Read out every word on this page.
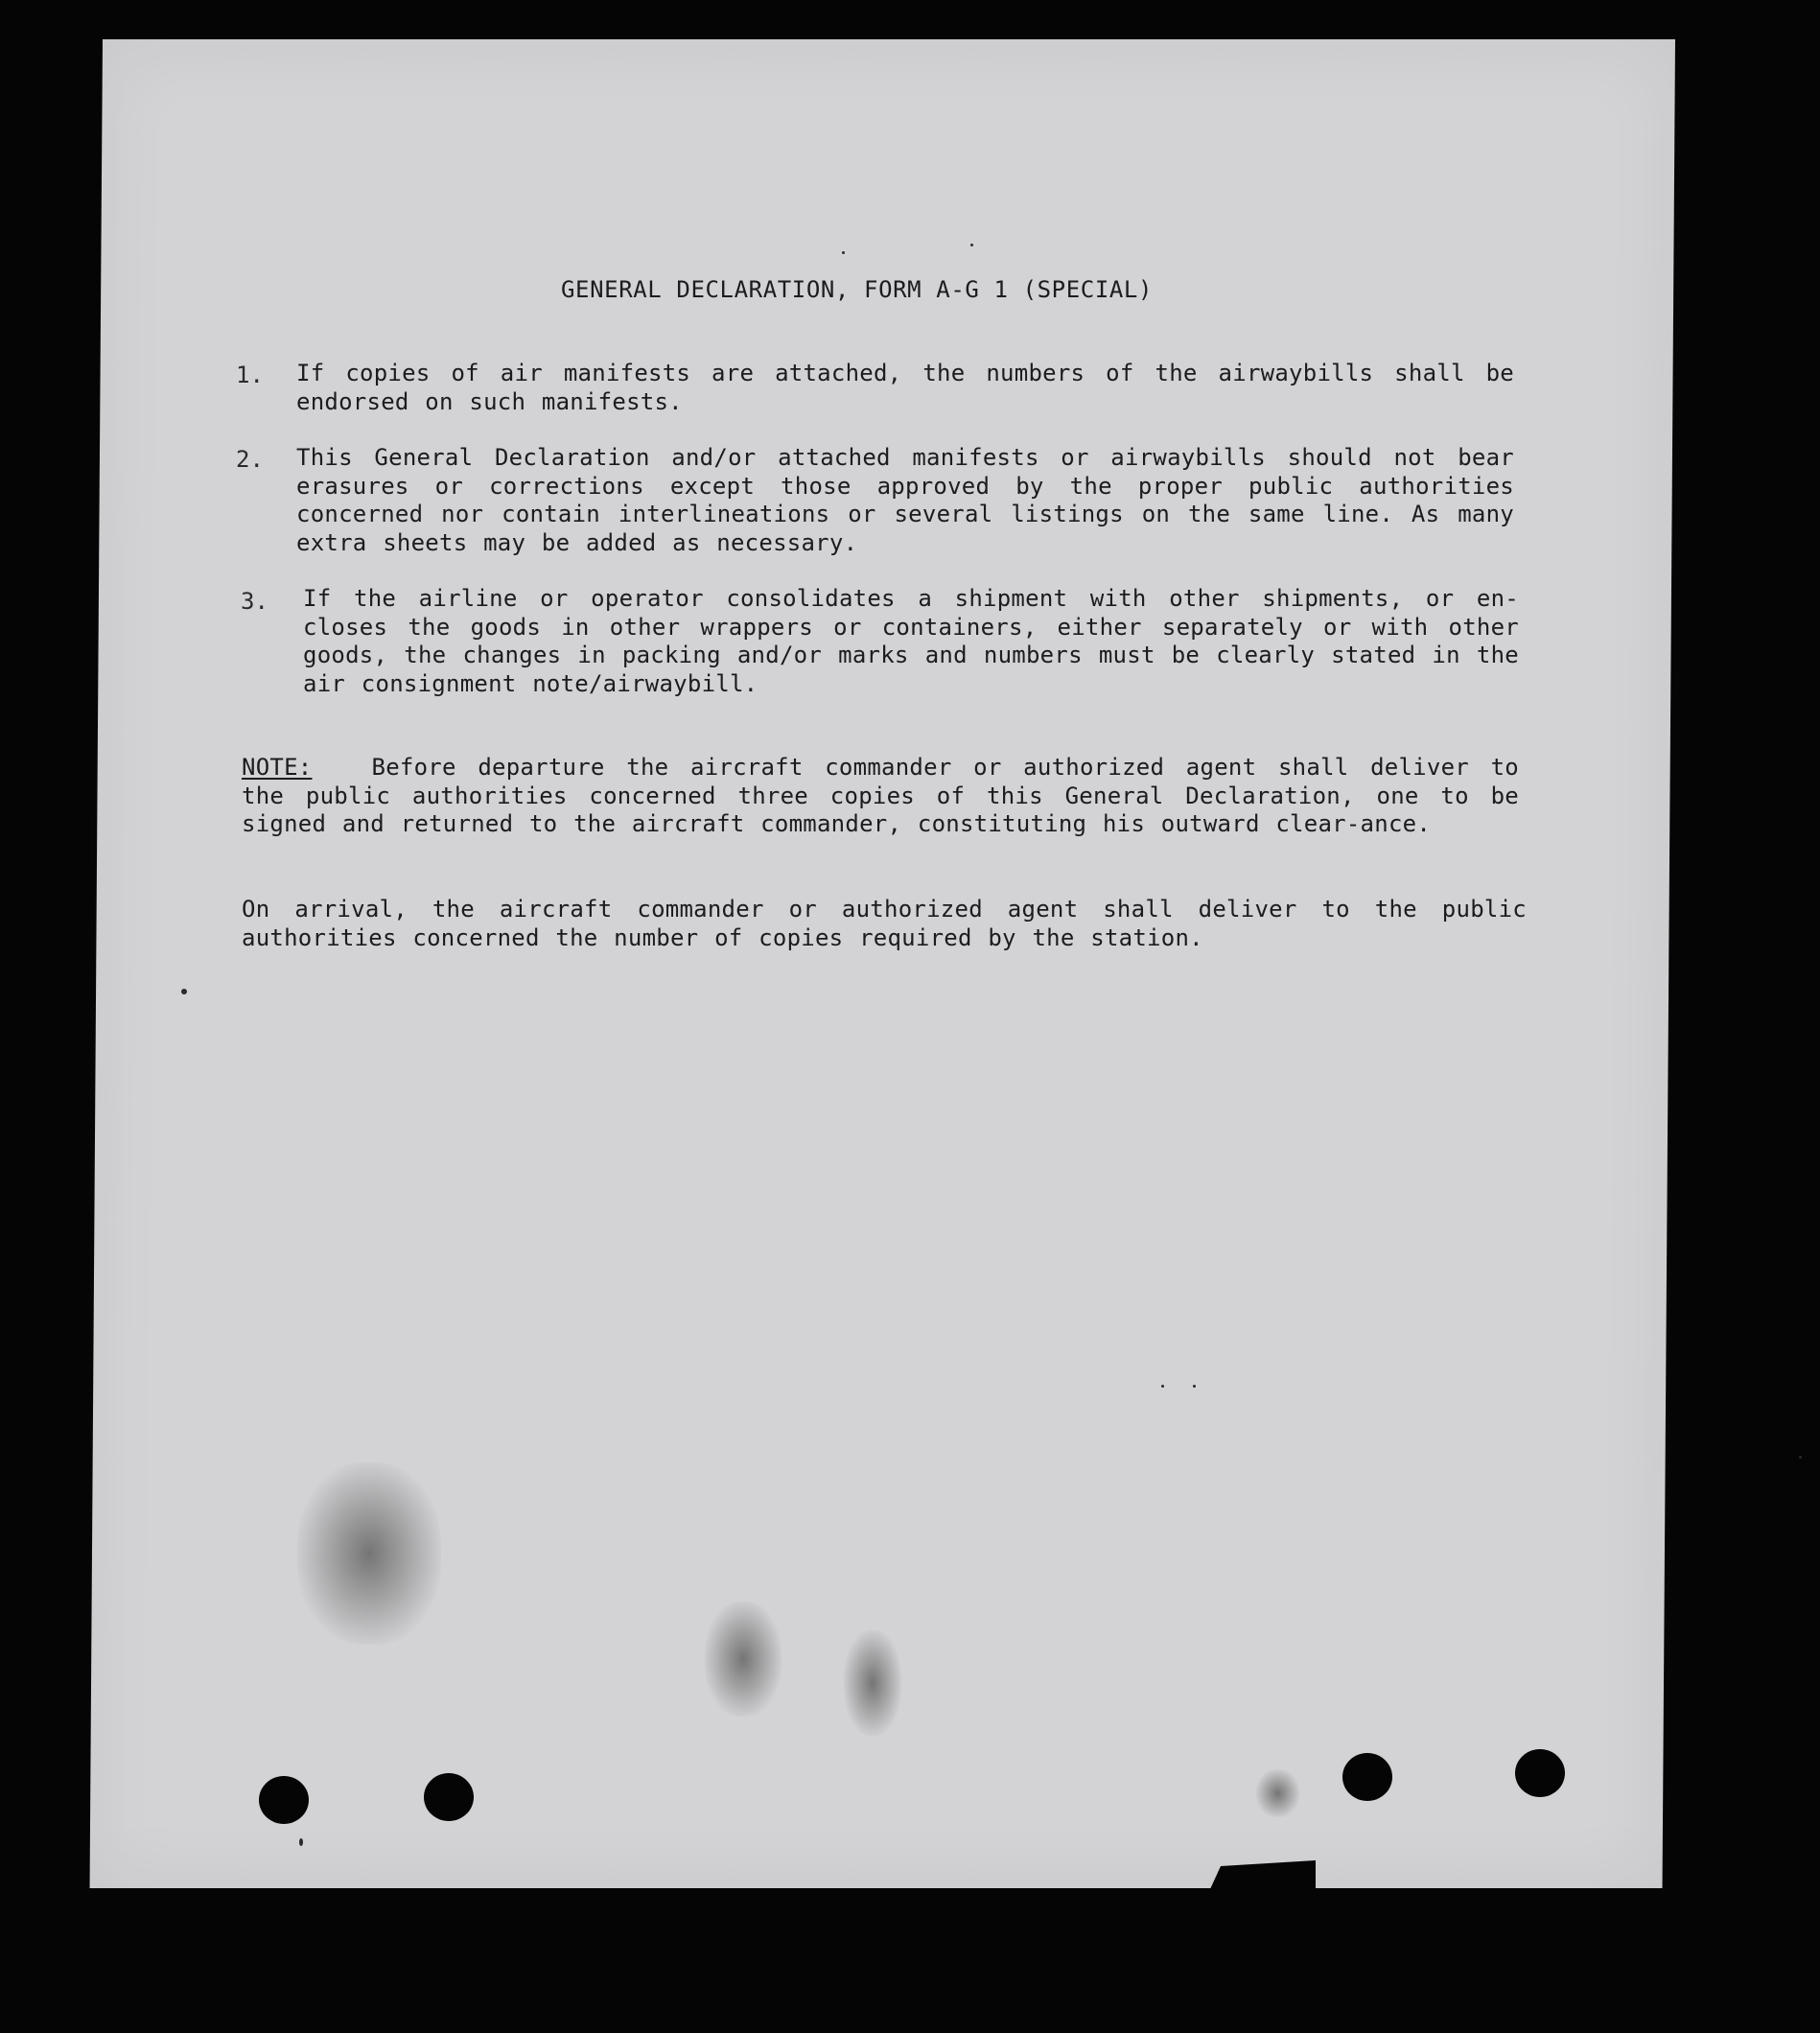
GENERAL DECLARATION, FORM A-G 1 (SPECIAL)
1. If copies of air manifests are attached, the numbers of the airwaybills shall be endorsed on such manifests.
2. This General Declaration and/or attached manifests or airwaybills should not bear erasures or corrections except those approved by the proper public authorities concerned nor contain interlineations or several listings on the same line. As many extra sheets may be added as necessary.
3. If the airline or operator consolidates a shipment with other shipments, or en-closes the goods in other wrappers or containers, either separately or with other goods, the changes in packing and/or marks and numbers must be clearly stated in the air consignment note/airwaybill.
NOTE:	Before departure the aircraft commander or authorized agent shall deliver to the public authorities concerned three copies of this General Declaration, one to be signed and returned to the aircraft commander, constituting his outward clear-ance.
On arrival, the aircraft commander or authorized agent shall deliver to the public authorities concerned the number of copies required by the station.
